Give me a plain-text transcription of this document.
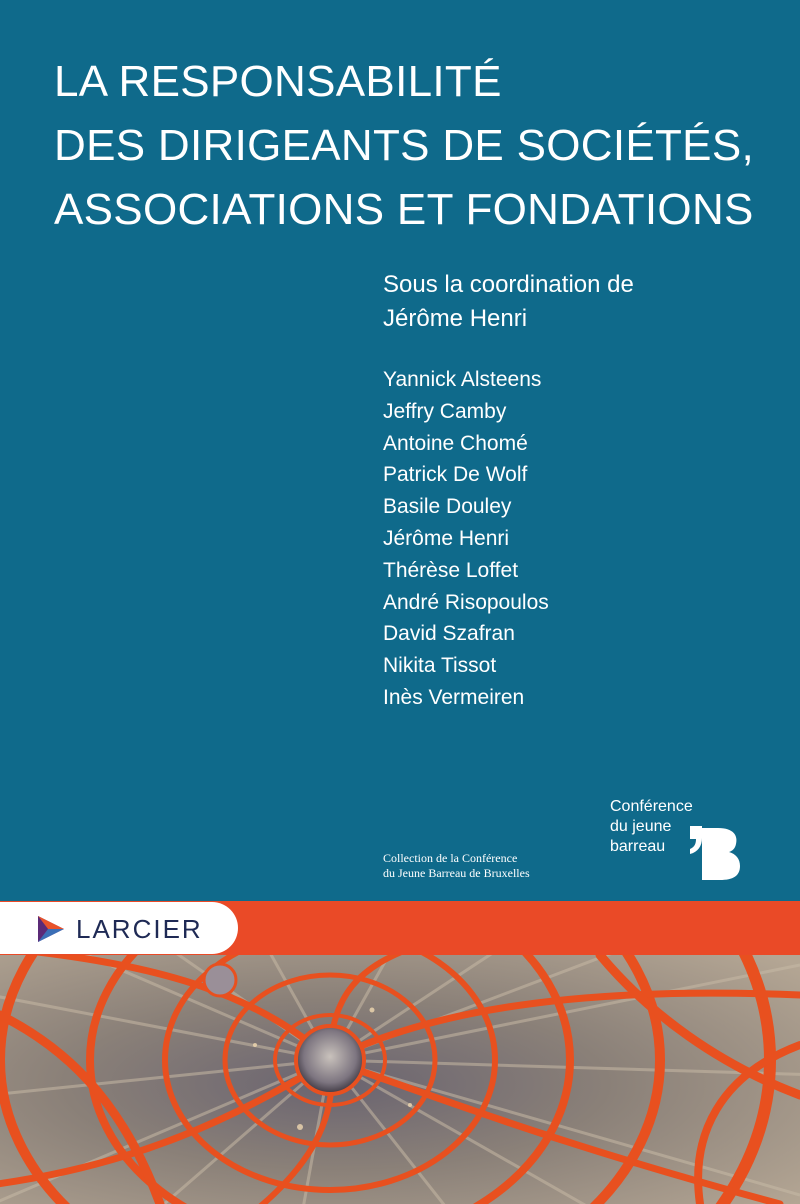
LA RESPONSABILITÉ
DES DIRIGEANTS DE SOCIÉTÉS,
ASSOCIATIONS ET FONDATIONS
Sous la coordination de
Jérôme Henri
Yannick Alsteens
Jeffry Camby
Antoine Chomé
Patrick De Wolf
Basile Douley
Jérôme Henri
Thérèse Loffet
André Risopoulos
David Szafran
Nikita Tissot
Inès Vermeiren
Conférence
du jeune
barreau
Collection de la Conférence
du Jeune Barreau de Bruxelles
LARCIER
